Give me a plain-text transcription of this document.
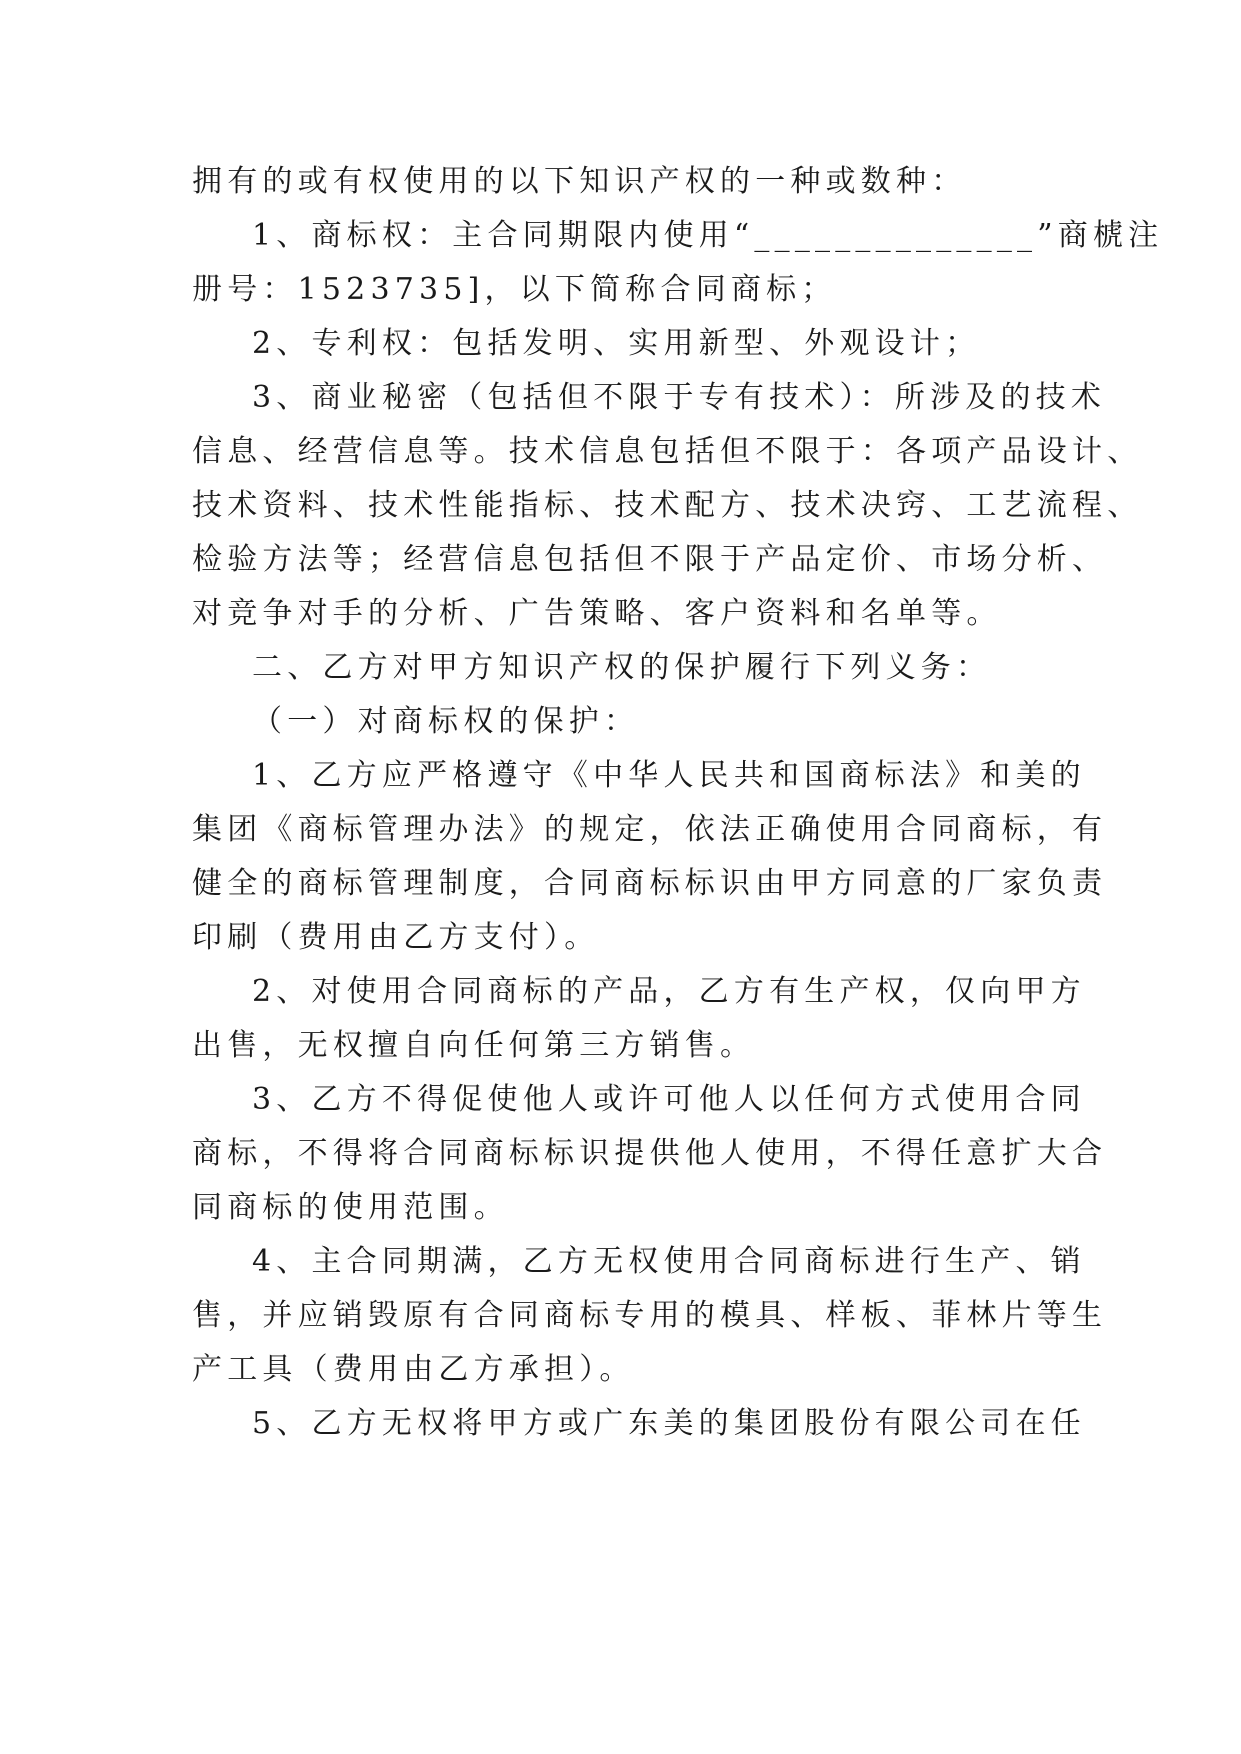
拥有的或有权使用的以下知识产权的一种或数种：
1、商标权：主合同期限内使用“______________”商椃注
册号：1523735]，以下简称合同商标；
2、专利权：包括发明、实用新型、外观设计；
3、商业秘密（包括但不限于专有技术）：所涉及的技术
信息、经营信息等。技术信息包括但不限于：各项产品设计、
技术资料、技术性能指标、技术配方、技术决窍、工艺流程、
检验方法等；经营信息包括但不限于产品定价、市场分析、
对竞争对手的分析、广告策略、客户资料和名单等。
二、乙方对甲方知识产权的保护履行下列义务：
（一）对商标权的保护：
1、乙方应严格遵守《中华人民共和国商标法》和美的
集团《商标管理办法》的规定，依法正确使用合同商标，有
健全的商标管理制度，合同商标标识由甲方同意的厂家负责
印刷（费用由乙方支付）。
2、对使用合同商标的产品，乙方有生产权，仅向甲方
出售，无权擅自向任何第三方销售。
3、乙方不得促使他人或许可他人以任何方式使用合同
商标，不得将合同商标标识提供他人使用，不得任意扩大合
同商标的使用范围。
4、主合同期满，乙方无权使用合同商标进行生产、销
售，并应销毁原有合同商标专用的模具、样板、菲林片等生
产工具（费用由乙方承担）。
5、乙方无权将甲方或广东美的集团股份有限公司在任
